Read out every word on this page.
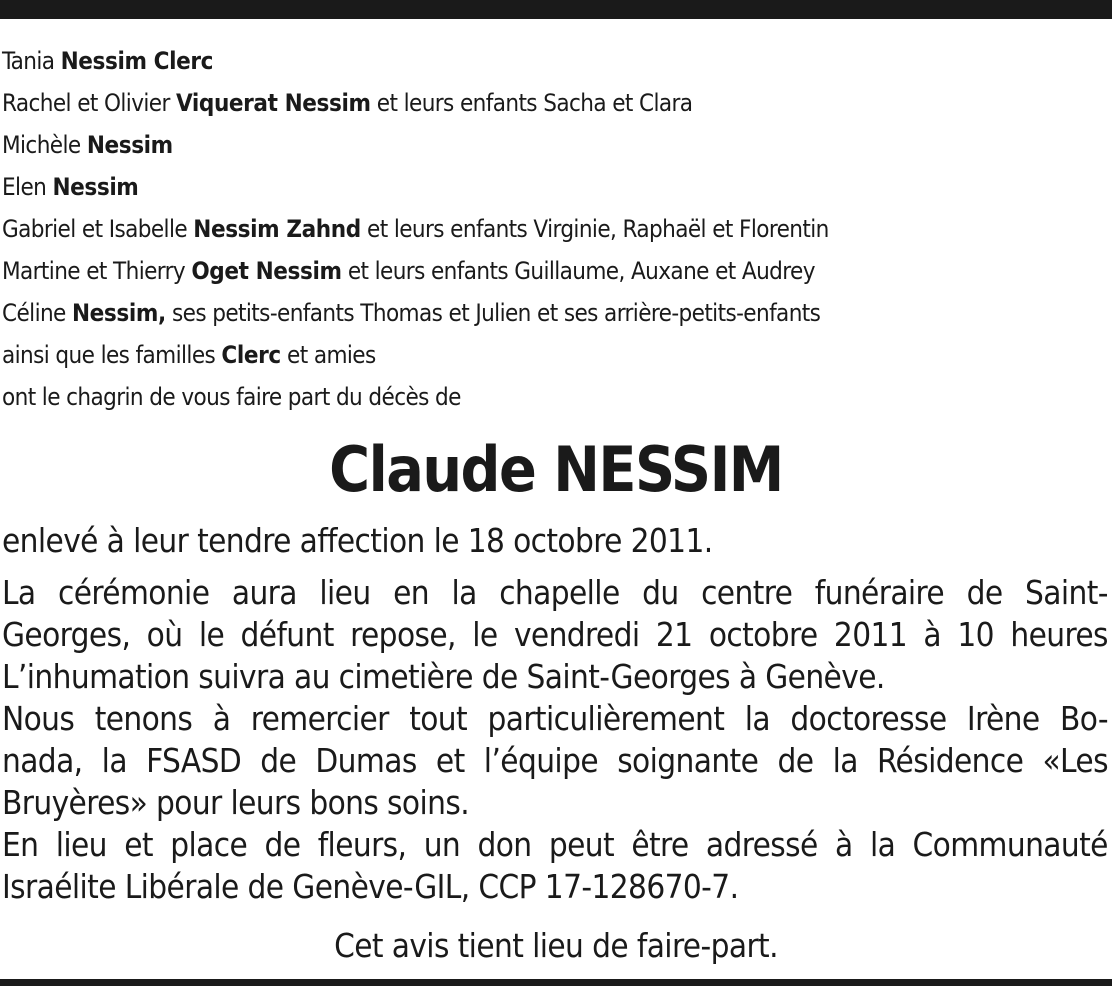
Tania Nessim Clerc
Rachel et Olivier Viquerat Nessim et leurs enfants Sacha et Clara
Michèle Nessim
Elen Nessim
Gabriel et Isabelle Nessim Zahnd et leurs enfants Virginie, Raphaël et Florentin
Martine et Thierry Oget Nessim et leurs enfants Guillaume, Auxane et Audrey
Céline Nessim, ses petits-enfants Thomas et Julien et ses arrière-petits-enfants
ainsi que les familles Clerc et amies
ont le chagrin de vous faire part du décès de
Claude NESSIM
enlevé à leur tendre affection le 18 octobre 2011.
La cérémonie aura lieu en la chapelle du centre funéraire de Saint-
Georges, où le défunt repose, le vendredi 21 octobre 2011 à 10 heures
L’inhumation suivra au cimetière de Saint-Georges à Genève.
Nous tenons à remercier tout particulièrement la doctoresse Irène Bo-
nada, la FSASD de Dumas et l’équipe soignante de la Résidence «Les
Bruyères» pour leurs bons soins.
En lieu et place de fleurs, un don peut être adressé à la Communauté
Israélite Libérale de Genève-GIL, CCP 17-128670-7.
Cet avis tient lieu de faire-part.
